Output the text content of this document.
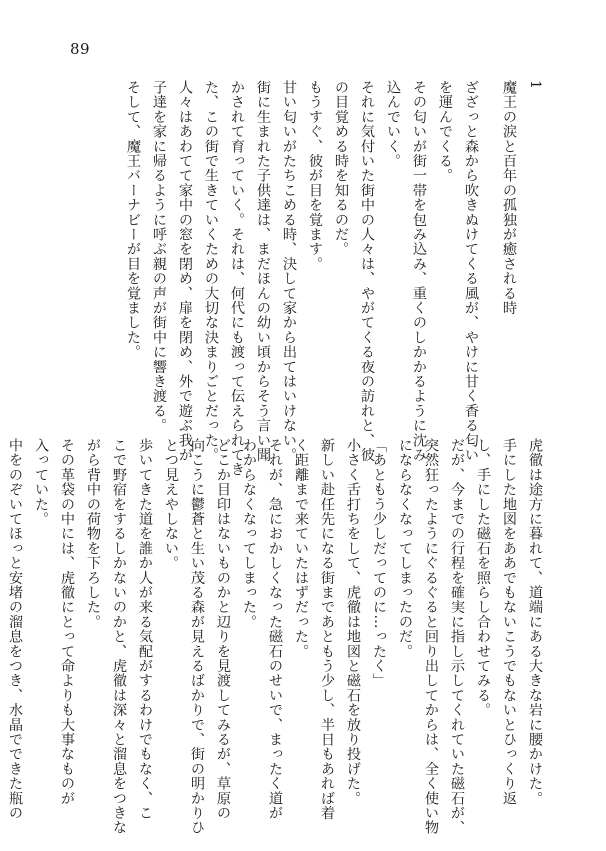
89

1

魔王の涙と百年の孤独が癒される時

ざざっと森から吹きぬけてくる風が、やけに甘く香る匂い

を運んでくる。

その匂いが街一帯を包み込み、重くのしかかるように沈み

込んでいく。

それに気付いた街中の人々は、やがてくる夜の訪れと、彼

の目覚める時を知るのだ。

もうすぐ、彼が目を覚ます。

甘い匂いがたちこめる時、決して家から出てはいけない。

街に生まれた子供達は、まだほんの幼い頃からそう言い聞

かされて育っていく。それは、何代にも渡って伝えられてき

た、この街で生きていくための大切な決まりごとだった。

人々はあわてて家中の窓を閉め、扉を閉め、外で遊ぶ我が

子達を家に帰るように呼ぶ親の声が街中に響き渡る。

そして、魔王バーナビーが目を覚ました。

虎徹は途方に暮れて、道端にある大きな岩に腰かけた。

手にした地図をああでもないこうでもないとひっくり返

し、手にした磁石を照らし合わせてみる。

だが、今までの行程を確実に指し示してくれていた磁石が、

突然狂ったようにぐるぐると回り出してからは、全く使い物

にならなくなってしまったのだ。

「あともう少しだってのに…ったく」

小さく舌打ちをして、虎徹は地図と磁石を放り投げた。

新しい赴任先になる街まであともう少し、半日もあれば着

く距離まで来ていたはずだった。

それが、急におかしくなった磁石のせいで、まったく道が

わからなくなってしまった。

どこか目印はないものかと辺りを見渡してみるが、草原の

向こうに鬱蒼と生い茂る森が見えるばかりで、街の明かりひ

とつ見えやしない。

歩いてきた道を誰か人が来る気配がするわけでもなく、こ

こで野宿をするしかないのかと、虎徹は深々と溜息をつきな

がら背中の荷物を下ろした。

その革袋の中には、虎徹にとって命よりも大事なものが

入っていた。

中をのぞいてほっと安堵の溜息をつき、水晶でできた瓶の
